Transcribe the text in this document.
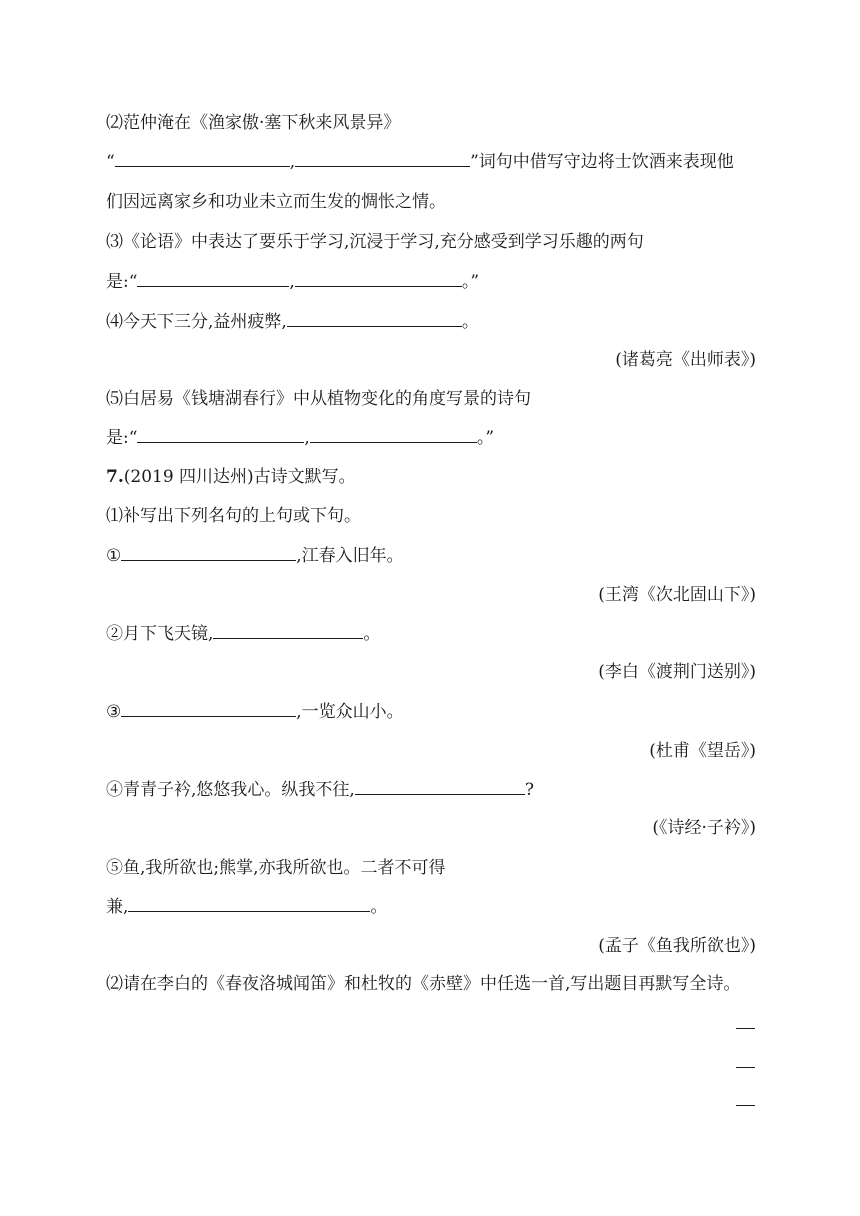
⑵范仲淹在《渔家傲·塞下秋来风景异》
“	,	”词句中借写守边将士饮酒来表现他
们因远离家乡和功业未立而生发的惆怅之情。
⑶《论语》中表达了要乐于学习,沉浸于学习,充分感受到学习乐趣的两句
是:“	,	。”
⑷今天下三分,益州疲弊,	。
(诸葛亮《出师表》)
⑸白居易《钱塘湖春行》中从植物变化的角度写景的诗句
是:“	,	。”
7.(2019 四川达州)古诗文默写。
⑴补写出下列名句的上句或下句。
①	,江春入旧年。
(王湾《次北固山下》)
②月下飞天镜,	。
(李白《渡荆门送别》)
③	,一览众山小。
(杜甫《望岳》)
④青青子衿,悠悠我心。纵我不往,	?
(《诗经·子衿》)
⑤鱼,我所欲也;熊掌,亦我所欲也。二者不可得
兼,	。
(孟子《鱼我所欲也》)
⑵请在李白的《春夜洛城闻笛》和杜牧的《赤壁》中任选一首,写出题目再默写全诗。
